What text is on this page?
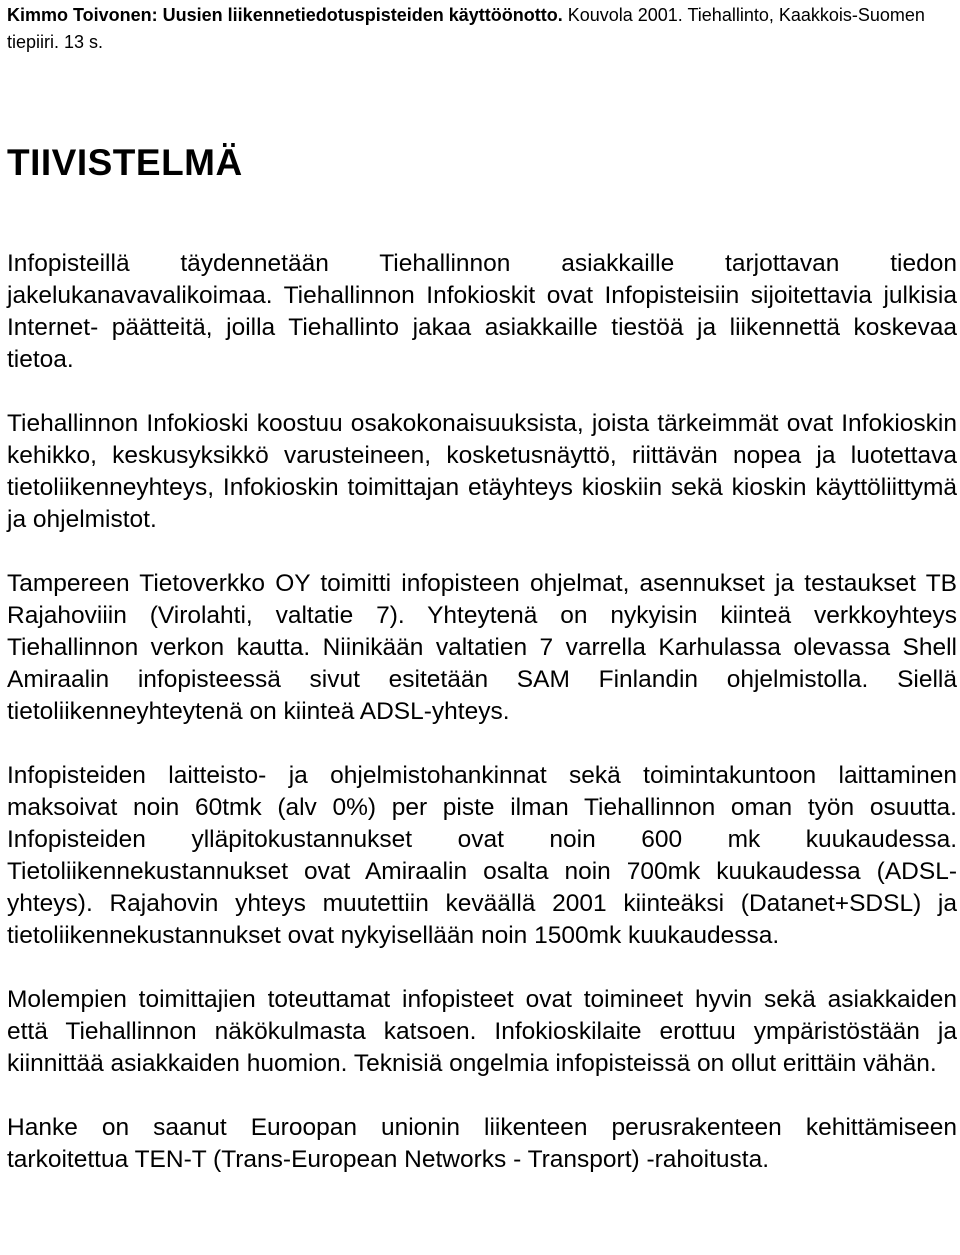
Kimmo Toivonen: Uusien liikennetiedotuspisteiden käyttöönotto. Kouvola 2001. Tiehallinto, Kaakkois-Suomen tiepiiri. 13 s.

TIIVISTELMÄ

Infopisteillä täydennetään Tiehallinnon asiakkaille tarjottavan tiedon jakelukanavavalikoimaa. Tiehallinnon Infokioskit ovat Infopisteisiin sijoitettavia julkisia Internet- päätteitä, joilla Tiehallinto jakaa asiakkaille tiestöä ja liikennettä koskevaa tietoa.

Tiehallinnon Infokioski koostuu osakokonaisuuksista, joista tärkeimmät ovat Infokioskin kehikko, keskusyksikkö varusteineen, kosketusnäyttö, riittävän nopea ja luotettava tietoliikenneyhteys, Infokioskin toimittajan etäyhteys kioskiin sekä kioskin käyttöliittymä ja ohjelmistot.

Tampereen Tietoverkko OY toimitti infopisteen ohjelmat, asennukset ja testaukset TB Rajahoviiin (Virolahti, valtatie 7). Yhteytenä on nykyisin kiinteä verkkoyhteys Tiehallinnon verkon kautta. Niinikään valtatien 7 varrella Karhulassa olevassa Shell Amiraalin infopisteessä sivut esitetään SAM Finlandin ohjelmistolla. Siellä tietoliikenneyhteytenä on kiinteä ADSL-yhteys.

Infopisteiden laitteisto- ja ohjelmistohankinnat sekä toimintakuntoon laittaminen maksoivat noin 60tmk (alv 0%) per piste ilman Tiehallinnon oman työn osuutta. Infopisteiden ylläpitokustannukset ovat noin 600 mk kuukaudessa. Tietoliikennekustannukset ovat Amiraalin osalta noin 700mk kuukaudessa (ADSL-yhteys). Rajahovin yhteys muutettiin keväällä 2001 kiinteäksi (Datanet+SDSL) ja tietoliikennekustannukset ovat nykyisellään noin 1500mk kuukaudessa.

Molempien toimittajien toteuttamat infopisteet ovat toimineet hyvin sekä asiakkaiden että Tiehallinnon näkökulmasta katsoen. Infokioskilaite erottuu ympäristöstään ja kiinnittää asiakkaiden huomion. Teknisiä ongelmia infopisteissä on ollut erittäin vähän.

Hanke on saanut Euroopan unionin liikenteen perusrakenteen kehittämiseen tarkoitettua TEN-T (Trans-European Networks - Transport) -rahoitusta.
